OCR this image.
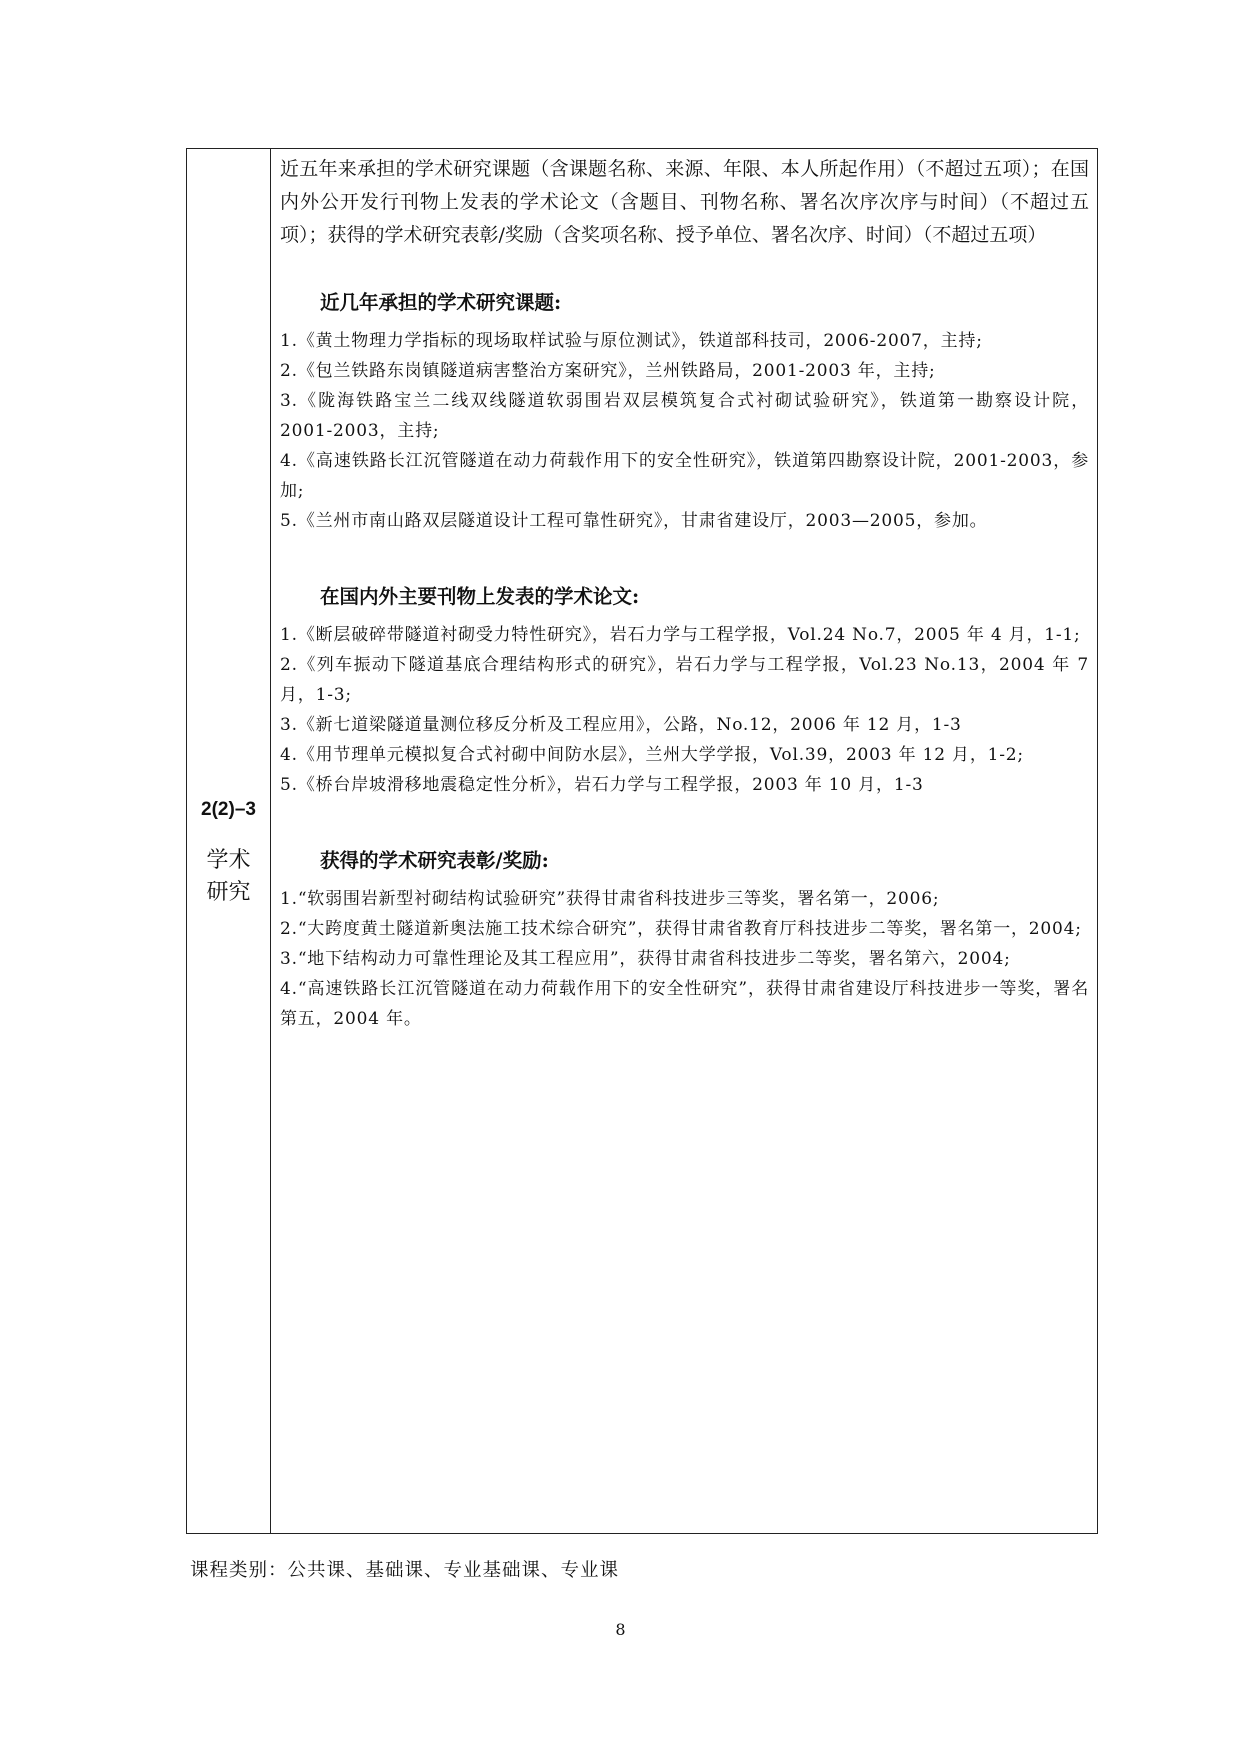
2(2)–3
学术
研究

近五年来承担的学术研究课题（含课题名称、来源、年限、本人所起作用）（不超过五项）；在国内外公开发行刊物上发表的学术论文（含题目、刊物名称、署名次序次序与时间）（不超过五项）；获得的学术研究表彰/奖励（含奖项名称、授予单位、署名次序、时间）（不超过五项）

近几年承担的学术研究课题:

1.《黄土物理力学指标的现场取样试验与原位测试》，铁道部科技司，2006-2007，主持;

2.《包兰铁路东岗镇隧道病害整治方案研究》，兰州铁路局，2001-2003 年，主持;

3.《陇海铁路宝兰二线双线隧道软弱围岩双层模筑复合式衬砌试验研究》，铁道第一勘察设计院，2001-2003，主持;

4.《高速铁路长江沉管隧道在动力荷载作用下的安全性研究》，铁道第四勘察设计院，2001-2003，参加;

5.《兰州市南山路双层隧道设计工程可靠性研究》，甘肃省建设厅，2003—2005，参加。

在国内外主要刊物上发表的学术论文:

1.《断层破碎带隧道衬砌受力特性研究》，岩石力学与工程学报，Vol.24 No.7，2005 年 4 月，1-1;

2.《列车振动下隧道基底合理结构形式的研究》，岩石力学与工程学报，Vol.23 No.13，2004 年 7 月，1-3;

3.《新七道梁隧道量测位移反分析及工程应用》，公路，No.12，2006 年 12 月，1-3

4.《用节理单元模拟复合式衬砌中间防水层》，兰州大学学报，Vol.39，2003 年 12 月，1-2;

5.《桥台岸坡滑移地震稳定性分析》，岩石力学与工程学报，2003 年 10 月，1-3

获得的学术研究表彰/奖励:

1.“软弱围岩新型衬砌结构试验研究”获得甘肃省科技进步三等奖，署名第一，2006;

2.“大跨度黄土隧道新奥法施工技术综合研究”，获得甘肃省教育厅科技进步二等奖，署名第一，2004;

3.“地下结构动力可靠性理论及其工程应用”，获得甘肃省科技进步二等奖，署名第六，2004;

4.“高速铁路长江沉管隧道在动力荷载作用下的安全性研究”，获得甘肃省建设厅科技进步一等奖，署名第五，2004 年。

课程类别：公共课、基础课、专业基础课、专业课
8
